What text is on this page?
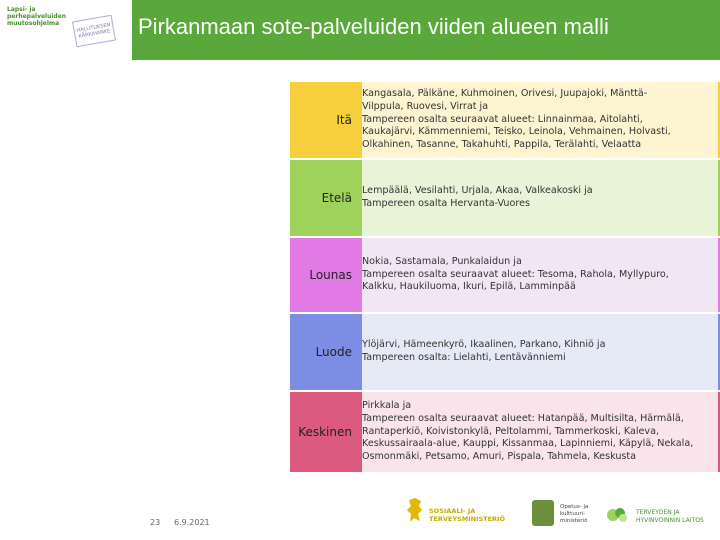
Lapsi- ja perhepalveluiden muutosohjelma	HALLITUKSEN KÄRKIHANKE Pirkanmaan sote-palveluiden viiden alueen malli
Itä
Kangasala, Pälkäne, Kuhmoinen, Orivesi, Juupajoki, Mänttä-
Vilppula, Ruovesi, Virrat ja
Tampereen osalta seuraavat alueet: Linnainmaa, Aitolahti,
Kaukajärvi, Kämmenniemi, Teisko, Leinola, Vehmainen, Holvasti,
Olkahinen, Tasanne, Takahuhti, Pappila, Terälahti, Velaatta
Etelä
Lempäälä, Vesilahti, Urjala, Akaa, Valkeakoski ja
Tampereen osalta Hervanta-Vuores
Lounas
Nokia, Sastamala, Punkalaidun ja
Tampereen osalta seuraavat alueet: Tesoma, Rahola, Myllypuro,
Kalkku, Haukiluoma, Ikuri, Epilä, Lamminpää
Luode
Ylöjärvi, Hämeenkyrö, Ikaalinen, Parkano, Kihniö ja
Tampereen osalta: Lielahti, Lentävänniemi
Keskinen
Pirkkala ja
Tampereen osalta seuraavat alueet: Hatanpää, Multisilta, Härmälä,
Rantaperkiö, Koivistonkylä, Peltolammi, Tammerkoski, Kaleva,
Keskussairaala-alue, Kauppi, Kissanmaa, Lapinniemi, Käpylä, Nekala,
Osmonmäki, Petsamo, Amuri, Pispala, Tahmela, Keskusta
23 6.9.2021
SOSIAALI- JA TERVEYSMINISTERIÖ
Opetus- ja kulttuuri- ministeriö
TERVEYDEN JA HYVINVOINNIN LAITOS
